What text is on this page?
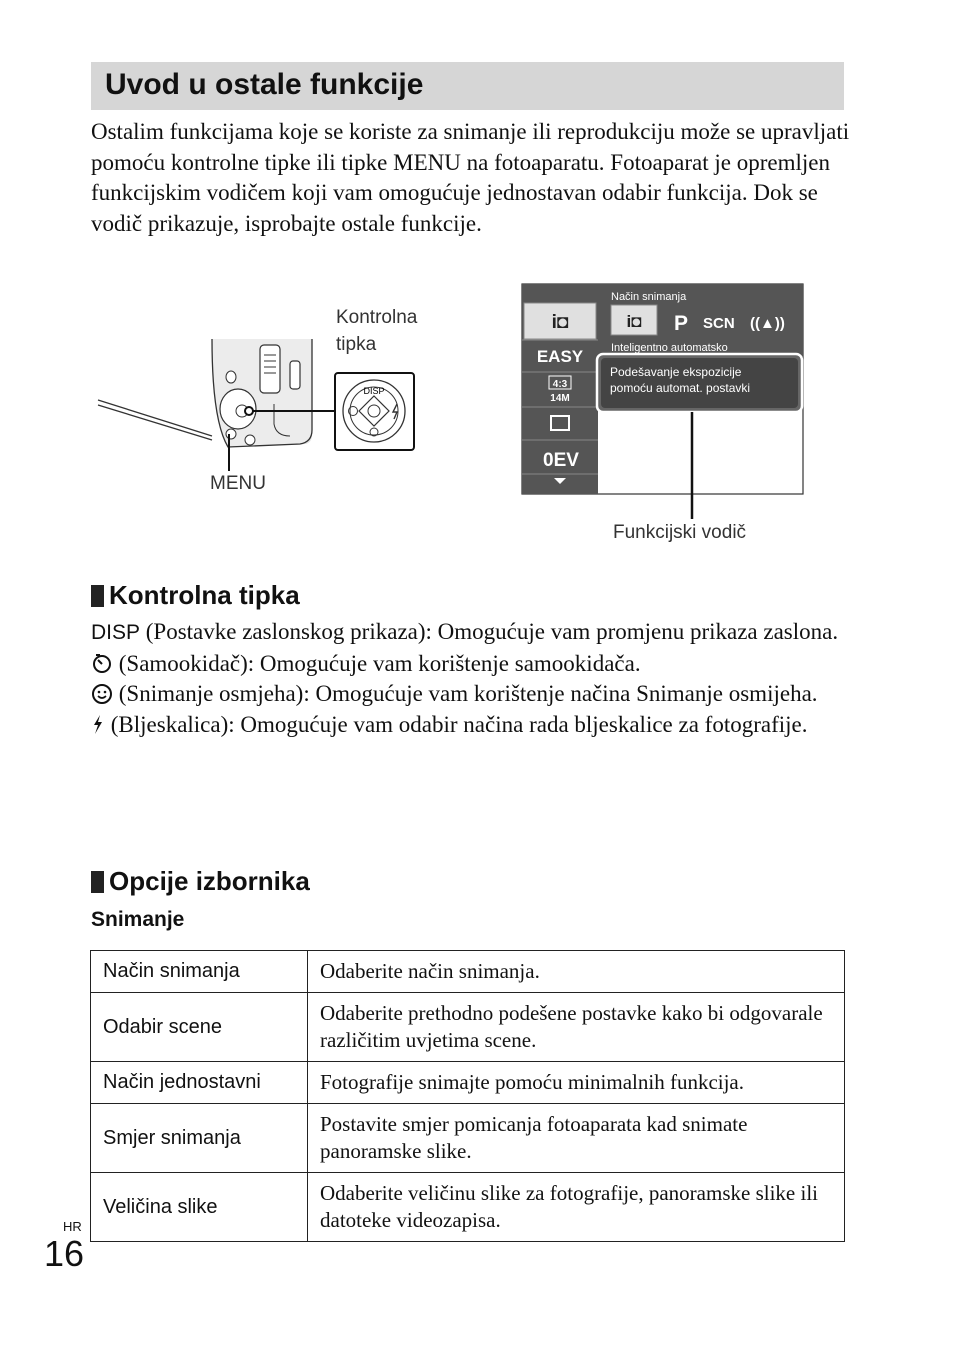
Uvod u ostale funkcije

Ostalim funkcijama koje se koriste za snimanje ili reprodukciju može se upravljati pomoću kontrolne tipke ili tipke MENU na fotoaparatu. Fotoaparat je opremljen funkcijskim vodičem koji vam omogućuje jednostavan odabir funkcija. Dok se vodič prikazuje, isprobajte ostale funkcije.

DISP
Kontrolna
tipka
MENU
i◘
EASY
4:3
14M
0EV
Način snimanja
i◘ P SCN ((▲))
Inteligentno automatsko
Podešavanje ekspozicije
pomoću automat. postavki
Funkcijski vodič
Kontrolna tipka

DISP (Postavke zaslonskog prikaza): Omogućuje vam promjenu prikaza zaslona.

(Samookidač): Omogućuje vam korištenje samookidača.

(Snimanje osmjeha): Omogućuje vam korištenje načina Snimanje osmijeha.

(Bljeskalica): Omogućuje vam odabir načina rada bljeskalice za fotografije.

Opcije izbornika
Snimanje
Način snimanja	Odaberite način snimanja.
Odabir scene	Odaberite prethodno podešene postavke kako bi odgovarale različitim uvjetima scene.
Način jednostavni	Fotografije snimajte pomoću minimalnih funkcija.
Smjer snimanja	Postavite smjer pomicanja fotoaparata kad snimate panoramske slike.
Veličina slike	Odaberite veličinu slike za fotografije, panoramske slike ili datoteke videozapisa.
HR
16
